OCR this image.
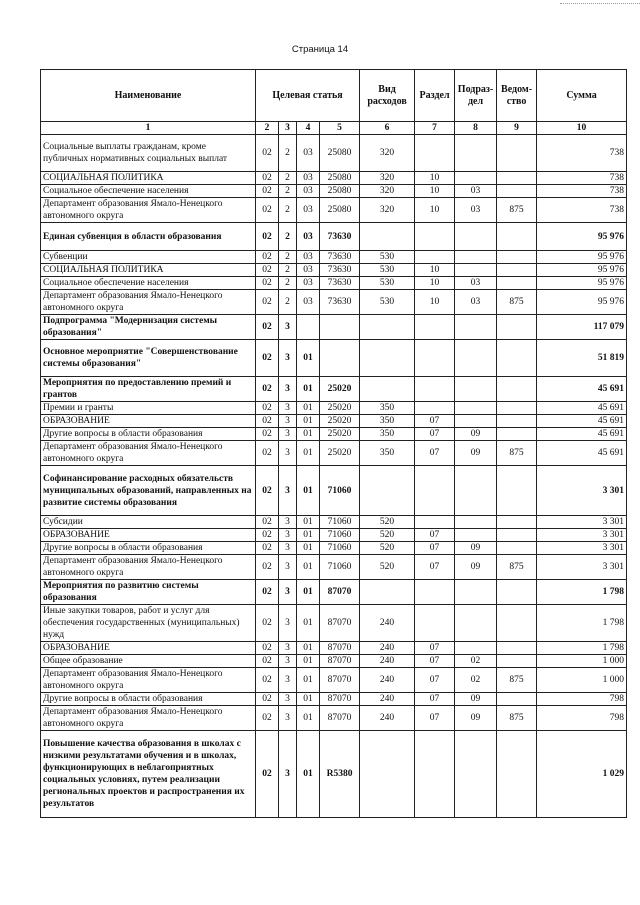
Страница 14
Наименование	Целевая статья				Вид расходов	Раздел	Подраз-дел	Ведом-ство	Сумма
1	2	3	4	5	6	7	8	9	10
Социальные выплаты гражданам, кроме публичных нормативных социальных выплат	02	2	03	25080	320				738
СОЦИАЛЬНАЯ ПОЛИТИКА	02	2	03	25080	320	10			738
Социальное обеспечение населения	02	2	03	25080	320	10	03		738
Департамент образования Ямало-Ненецкого автономного округа	02	2	03	25080	320	10	03	875	738
Единая субвенция в области образования	02	2	03	73630					95 976
Субвенции	02	2	03	73630	530				95 976
СОЦИАЛЬНАЯ ПОЛИТИКА	02	2	03	73630	530	10			95 976
Социальное обеспечение населения	02	2	03	73630	530	10	03		95 976
Департамент образования Ямало-Ненецкого автономного округа	02	2	03	73630	530	10	03	875	95 976
Подпрограмма "Модернизация системы образования"	02	3							117 079
Основное мероприятие "Совершенствование системы образования"	02	3	01						51 819
Мероприятия по предоставлению премий и грантов	02	3	01	25020					45 691
Премии и гранты	02	3	01	25020	350				45 691
ОБРАЗОВАНИЕ	02	3	01	25020	350	07			45 691
Другие вопросы в области образования	02	3	01	25020	350	07	09		45 691
Департамент образования Ямало-Ненецкого автономного округа	02	3	01	25020	350	07	09	875	45 691
Софинансирование расходных обязательств муниципальных образований, направленных на развитие системы образования	02	3	01	71060					3 301
Субсидии	02	3	01	71060	520				3 301
ОБРАЗОВАНИЕ	02	3	01	71060	520	07			3 301
Другие вопросы в области образования	02	3	01	71060	520	07	09		3 301
Департамент образования Ямало-Ненецкого автономного округа	02	3	01	71060	520	07	09	875	3 301
Мероприятия по развитию системы образования	02	3	01	87070					1 798
Иные закупки товаров, работ и услуг для обеспечения государственных (муниципальных) нужд	02	3	01	87070	240				1 798
ОБРАЗОВАНИЕ	02	3	01	87070	240	07			1 798
Общее образование	02	3	01	87070	240	07	02		1 000
Департамент образования Ямало-Ненецкого автономного округа	02	3	01	87070	240	07	02	875	1 000
Другие вопросы в области образования	02	3	01	87070	240	07	09		798
Департамент образования Ямало-Ненецкого автономного округа	02	3	01	87070	240	07	09	875	798
Повышение качества образования в школах с низкими результатами обучения и в школах, функционирующих в неблагоприятных социальных условиях, путем реализации региональных проектов и распространения их результатов	02	3	01	R5380					1 029
